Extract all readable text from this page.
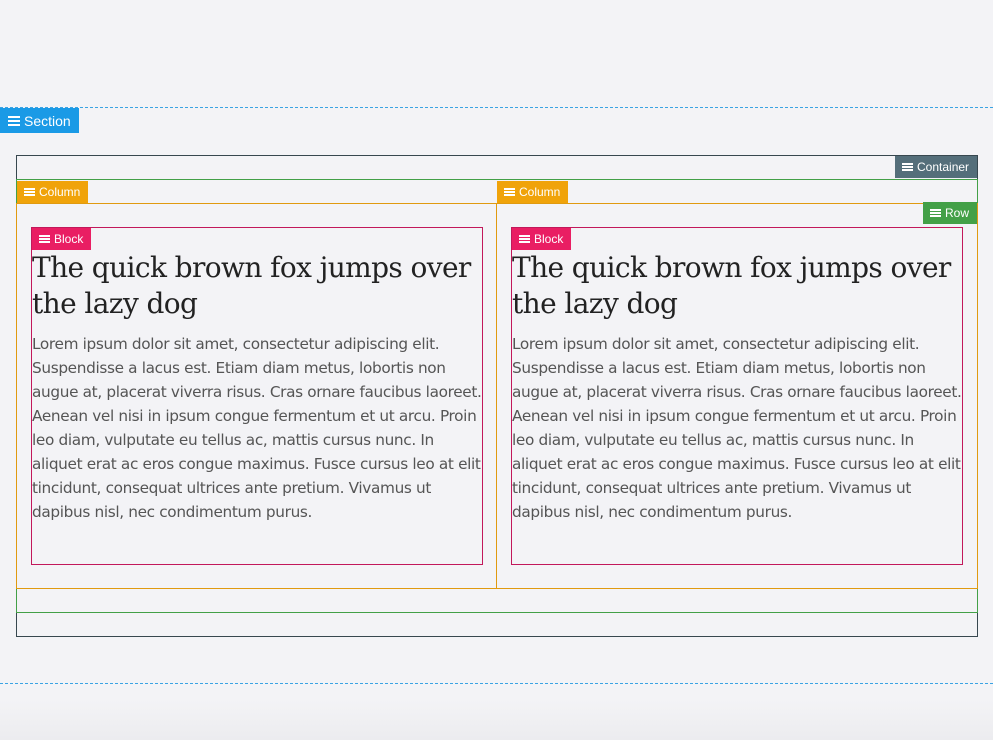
The quick brown fox jumps over the lazy dog

Lorem ipsum dolor sit amet, consectetur adipiscing elit. Suspendisse a lacus est. Etiam diam metus, lobortis non augue at, placerat viverra risus. Cras ornare faucibus laoreet. Aenean vel nisi in ipsum congue fermentum et ut arcu. Proin leo diam, vulputate eu tellus ac, mattis cursus nunc. In aliquet erat ac eros congue maximus. Fusce cursus leo at elit tincidunt, consequat ultrices ante pretium. Vivamus ut dapibus nisl, nec condimentum purus.

The quick brown fox jumps over the lazy dog

Lorem ipsum dolor sit amet, consectetur adipiscing elit. Suspendisse a lacus est. Etiam diam metus, lobortis non augue at, placerat viverra risus. Cras ornare faucibus laoreet. Aenean vel nisi in ipsum congue fermentum et ut arcu. Proin leo diam, vulputate eu tellus ac, mattis cursus nunc. In aliquet erat ac eros congue maximus. Fusce cursus leo at elit tincidunt, consequat ultrices ante pretium. Vivamus ut dapibus nisl, nec condimentum purus.

Section
Container
Row
Column	Column
Block	Block
